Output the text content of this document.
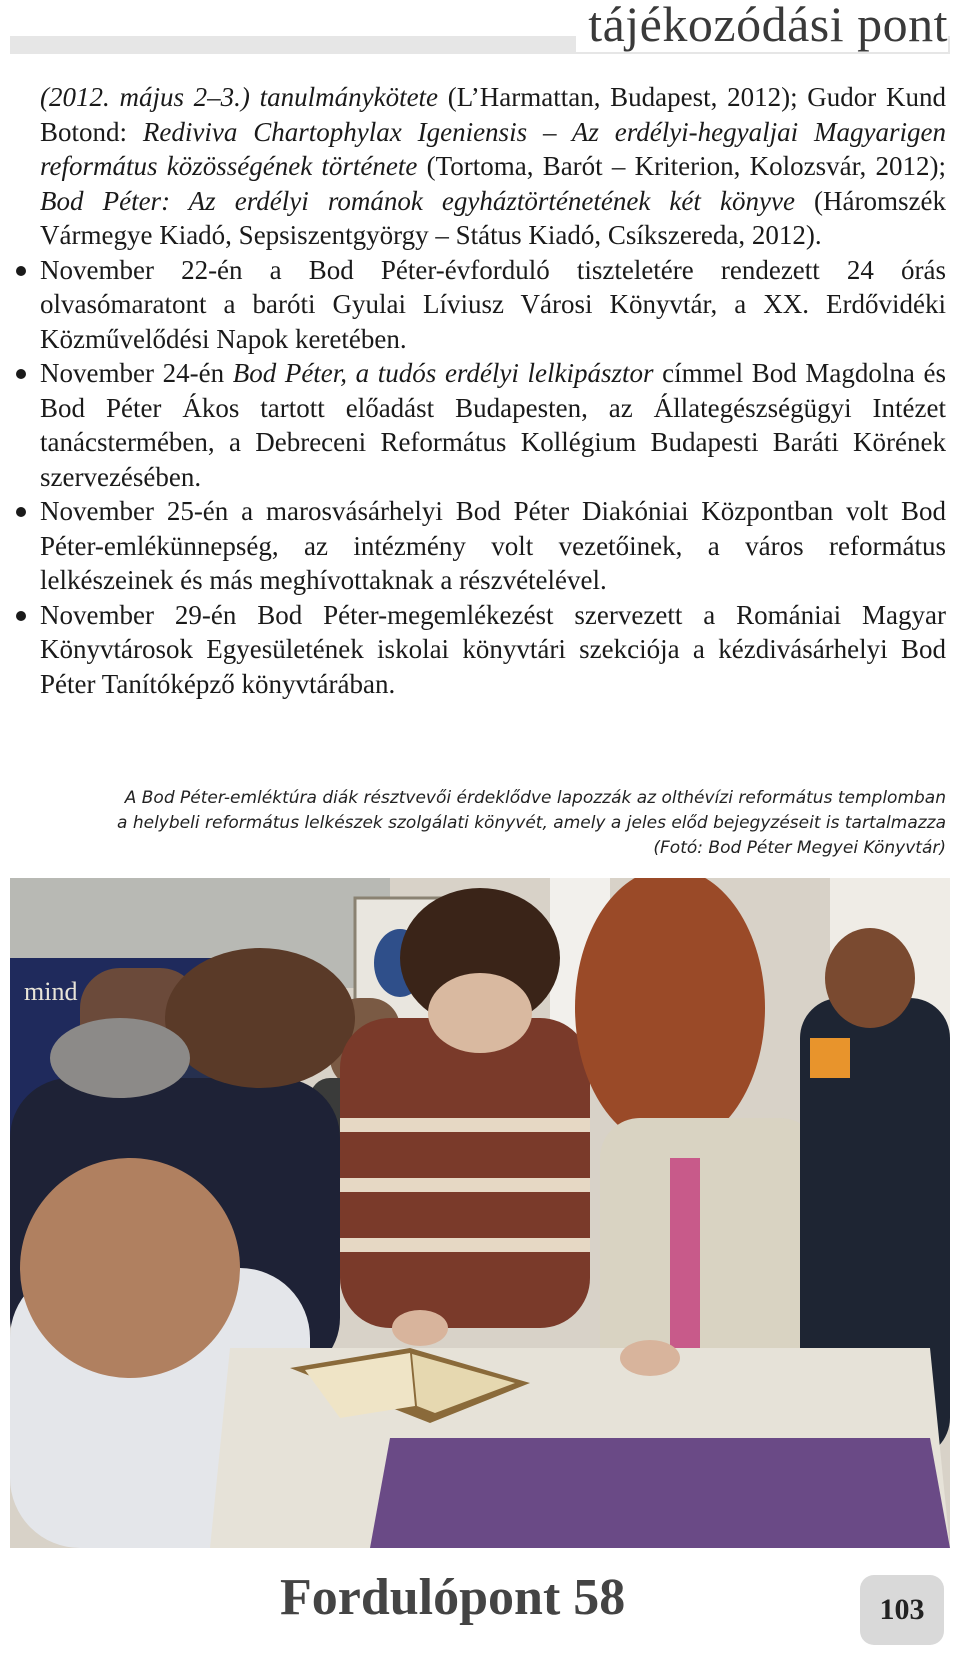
tájékozódási pont

(2012. május 2–3.) tanulmánykötete (L’Harmattan, Budapest, 2012); Gudor Kund Botond: Rediviva Chartophylax Igeniensis – Az erdélyi-hegyaljai Magyarigen református közösségének története (Tortoma, Barót – Kriterion, Kolozsvár, 2012); Bod Péter: Az erdélyi románok egyháztörténetének két könyve (Háromszék Vármegye Kiadó, Sepsiszentgyörgy – Státus Kiadó, Csíkszereda, 2012).

November 22-én a Bod Péter-évforduló tiszteletére rendezett 24 órás olvasómaratont a baróti Gyulai Líviusz Városi Könyvtár, a XX. Erdővidéki Közművelődési Napok keretében.
November 24-én Bod Péter, a tudós erdélyi lelkipásztor címmel Bod Magdolna és Bod Péter Ákos tartott előadást Budapesten, az Állategészségügyi Intézet tanácstermében, a Debreceni Református Kollégium Budapesti Baráti Körének szervezésében.
November 25-én a marosvásárhelyi Bod Péter Diakóniai Központban volt Bod Péter-emlékünnepség, az intézmény volt vezetőinek, a város református lelkészeinek és más meghívottaknak a részvételével.
November 29-én Bod Péter-megemlékezést szervezett a Romániai Magyar Könyvtárosok Egyesületének iskolai könyvtári szekciója a kézdivásárhelyi Bod Péter Tanítóképző könyvtárában.
A Bod Péter-emléktúra diák résztvevői érdeklődve lapozzák az olthévízi református templomban
a helybeli református lelkészek szolgálati könyvét, amely a jeles előd bejegyzéseit is tartalmazza
(Fotó: Bod Péter Megyei Könyvtár)
mind
Fordulópont 58	103
